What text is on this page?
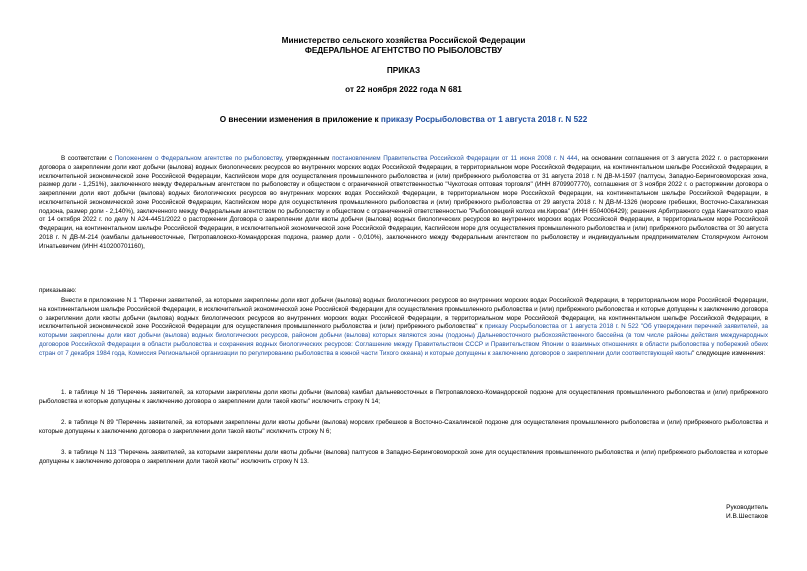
Министерство сельского хозяйства Российской Федерации
ФЕДЕРАЛЬНОЕ АГЕНТСТВО ПО РЫБОЛОВСТВУ
ПРИКАЗ
от 22 ноября 2022 года N 681
О внесении изменения в приложение к приказу Росрыболовства от 1 августа 2018 г. N 522
В соответствии с Положением о Федеральном агентстве по рыболовству, утвержденным постановлением Правительства Российской Федерации от 11 июня 2008 г. N 444, на основании соглашения от 3 августа 2022 г. о расторжении договора о закреплении доли квот добычи (вылова) водных биологических ресурсов во внутренних морских водах Российской Федерации, в территориальном море Российской Федерации, на континентальном шельфе Российской Федерации, в исключительной экономической зоне Российской Федерации, Каспийском море для осуществления промышленного рыболовства и (или) прибрежного рыболовства от 31 августа 2018 г. N ДВ-М-1597 (палтусы, Западно-Беринговоморская зона, размер доли - 1,251%), заключенного между Федеральным агентством по рыболовству и обществом с ограниченной ответственностью "Чукотская оптовая торговля" (ИНН 8709907770), соглашения от 3 ноября 2022 г. о расторжении договора о закреплении доли квот добычи (вылова) водных биологических ресурсов во внутренних морских водах Российской Федерации, в территориальном море Российской Федерации, на континентальном шельфе Российской Федерации, в исключительной экономической зоне Российской Федерации, Каспийском море для осуществления промышленного рыболовства и (или) прибрежного рыболовства от 29 августа 2018 г. N ДВ-М-1326 (морские гребешки, Восточно-Сахалинская подзона, размер доли - 2,140%), заключенного между Федеральным агентством по рыболовству и обществом с ограниченной ответственностью "Рыболовецкий колхоз им.Кирова" (ИНН 6504006429); решения Арбитражного суда Камчатского края от 14 октября 2022 г. по делу N А24-4451/2022 о расторжении Договора о закреплении доли квоты добычи (вылова) водных биологических ресурсов во внутренних морских водах Российской Федерации, в территориальном море Российской Федерации, на континентальном шельфе Российской Федерации, в исключительной экономической зоне Российской Федерации, Каспийском море для осуществления промышленного рыболовства и (или) прибрежного рыболовства от 30 августа 2018 г. N ДВ-М-214 (камбалы дальневосточные, Петропавловско-Командорская подзона, размер доли - 0,010%), заключенного между Федеральным агентством по рыболовству и индивидуальным предпринимателем Столярчуком Антоном Игнатьевичем (ИНН 410200701160),
приказываю:
Внести в приложение N 1 "Перечни заявителей, за которыми закреплены доли квот добычи (вылова) водных биологических ресурсов во внутренних морских водах Российской Федерации, в территориальном море Российской Федерации, на континентальном шельфе Российской Федерации, в исключительной экономической зоне Российской Федерации для осуществления промышленного рыболовства и (или) прибрежного рыболовства и которые допущены к заключению договора о закреплении доли квоты добычи (вылова) водных биологических ресурсов во внутренних морских водах Российской Федерации, в территориальном море Российской Федерации, на континентальном шельфе Российской Федерации, в исключительной экономической зоне Российской Федерации для осуществления промышленного рыболовства и (или) прибрежного рыболовства" к приказу Росрыболовства от 1 августа 2018 г. N 522 "Об утверждении перечней заявителей, за которыми закреплены доли квот добычи (вылова) водных биологических ресурсов, районом добычи (вылова) которых являются зоны (подзоны) Дальневосточного рыбохозяйственного бассейна (в том числе районы действия международных договоров Российской Федерации в области рыболовства и сохранения водных биологических ресурсов: Соглашение между Правительством СССР и Правительством Японии о взаимных отношениях в области рыболовства у побережий обеих стран от 7 декабря 1984 года, Комиссия Региональной организации по регулированию рыболовства в южной части Тихого океана) и которые допущены к заключению договоров о закреплении доли соответствующей квоты" следующие изменения:
1. в таблице N 16 "Перечень заявителей, за которыми закреплены доли квоты добычи (вылова) камбал дальневосточных в Петропавловско-Командорской подзоне для осуществления промышленного рыболовства и (или) прибрежного рыболовства и которые допущены к заключению договора о закреплении доли такой квоты" исключить строку N 14;
2. в таблице N 89 "Перечень заявителей, за которыми закреплены доли квоты добычи (вылова) морских гребешков в Восточно-Сахалинской подзоне для осуществления промышленного рыболовства и (или) прибрежного рыболовства и которые допущены к заключению договора о закреплении доли такой квоты" исключить строку N 6;
3. в таблице N 113 "Перечень заявителей, за которыми закреплены доли квоты добычи (вылова) палтусов в Западно-Беринговоморской зоне для осуществления промышленного рыболовства и (или) прибрежного рыболовства и которые допущены к заключению договора о закреплении доли такой квоты" исключить строку N 13.
Руководитель
И.В.Шестаков
